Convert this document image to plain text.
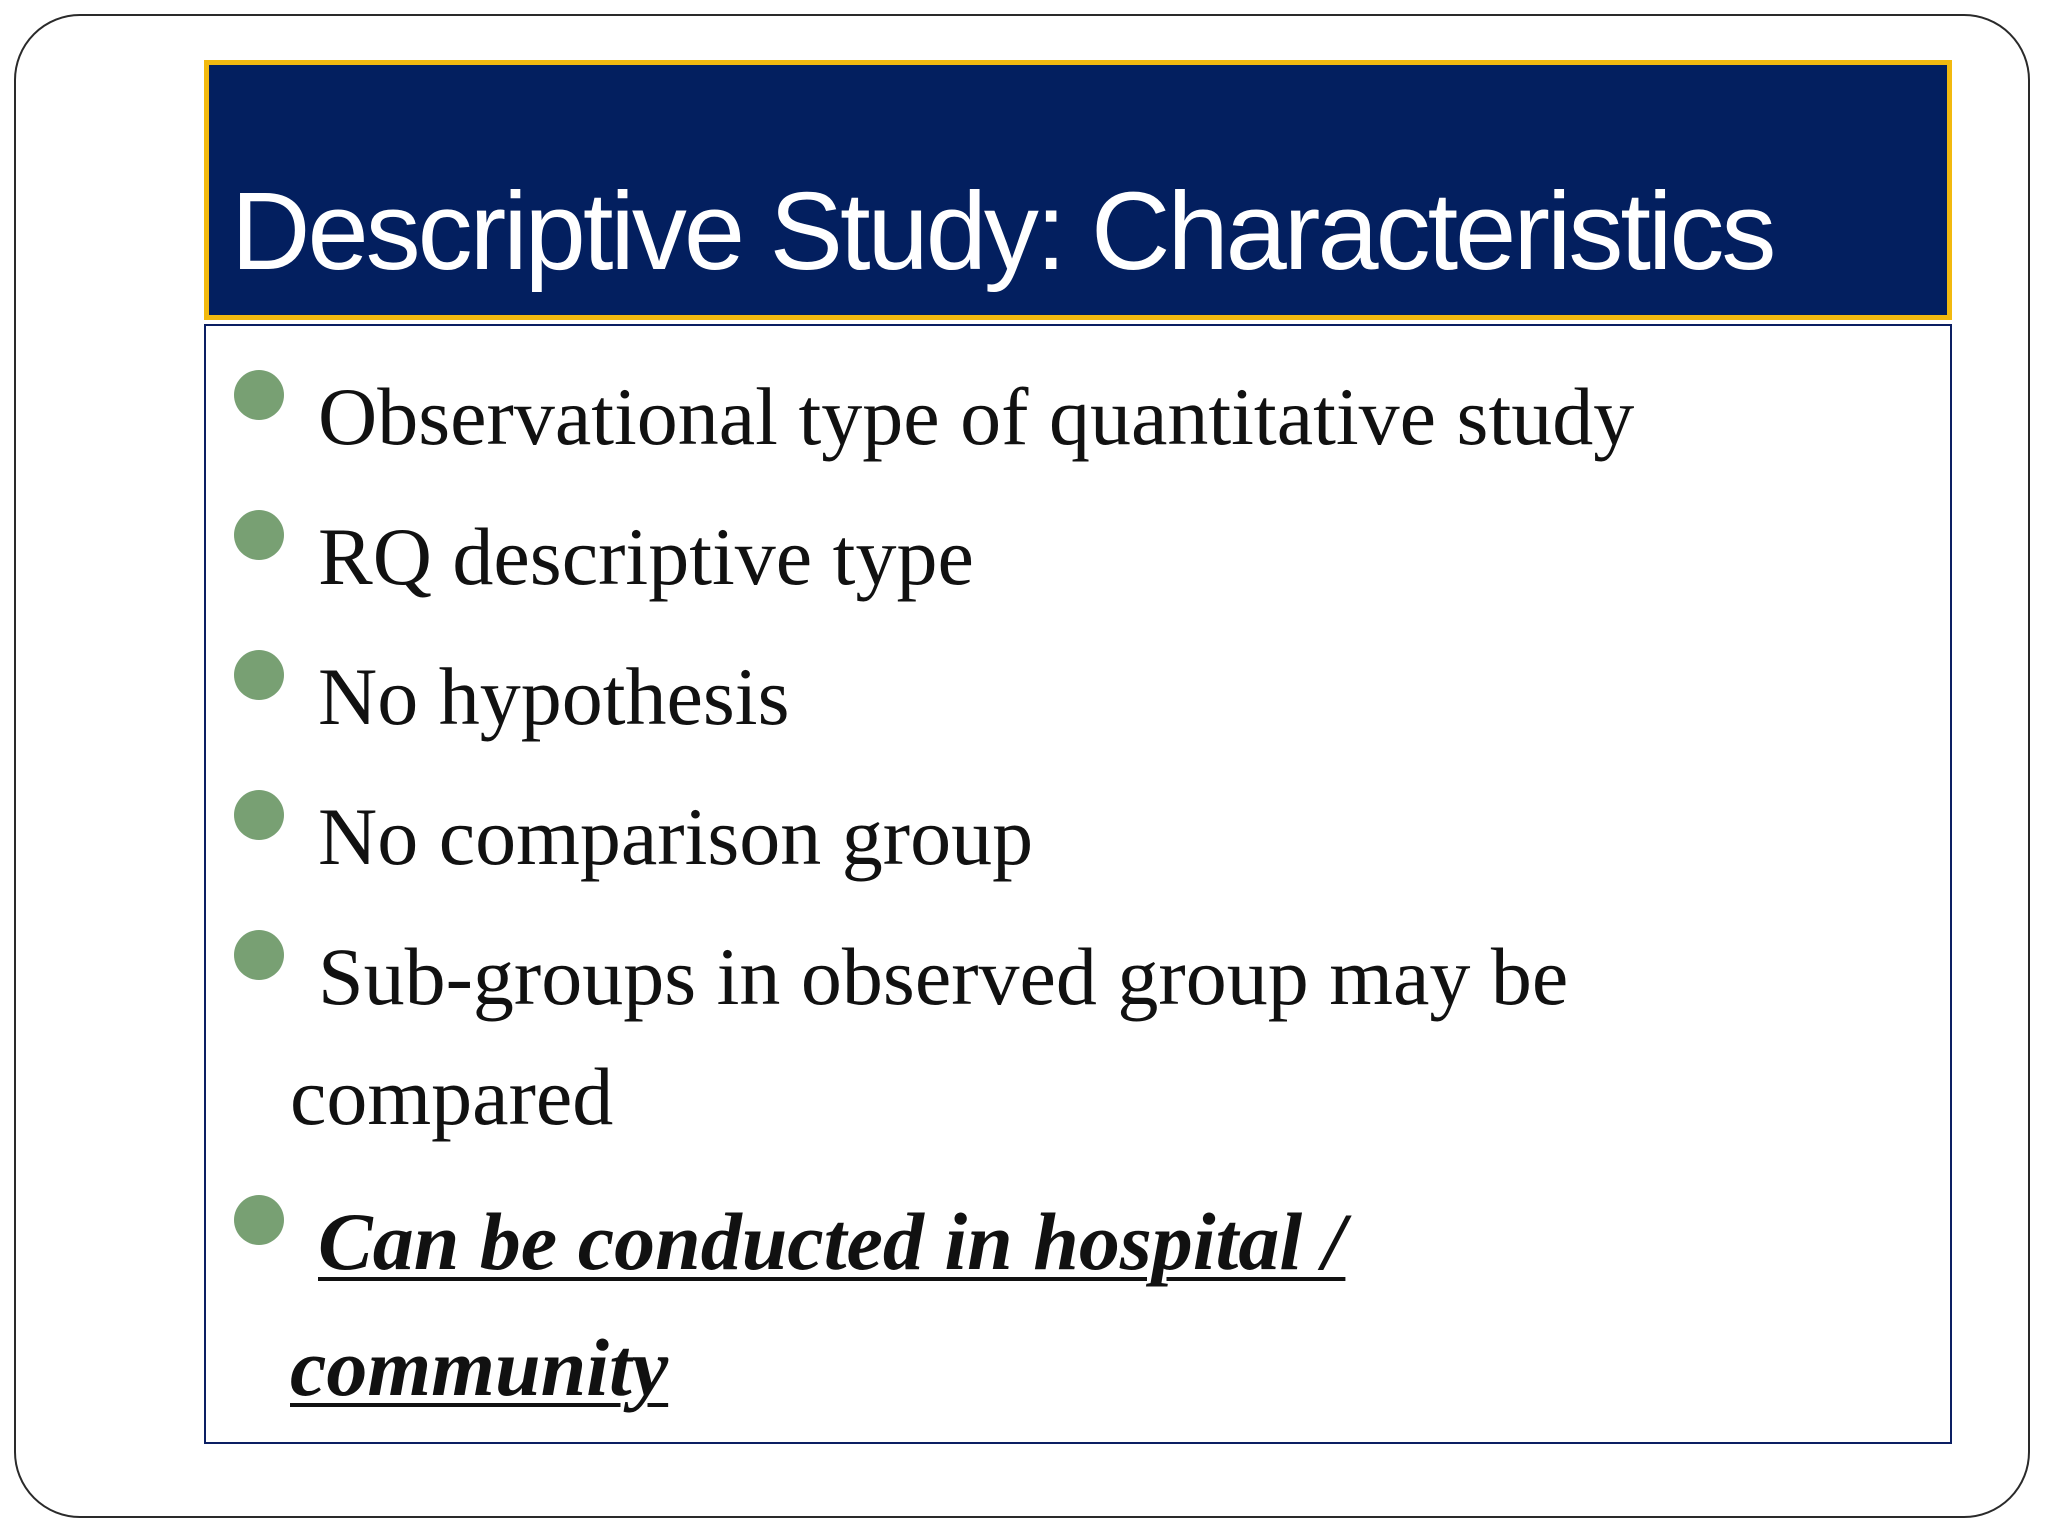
Descriptive Study: Characteristics

Observational type of quantitative study

RQ descriptive type

No hypothesis

No comparison group

Sub-groups in observed group may be

compared

Can be conducted in hospital /

community
